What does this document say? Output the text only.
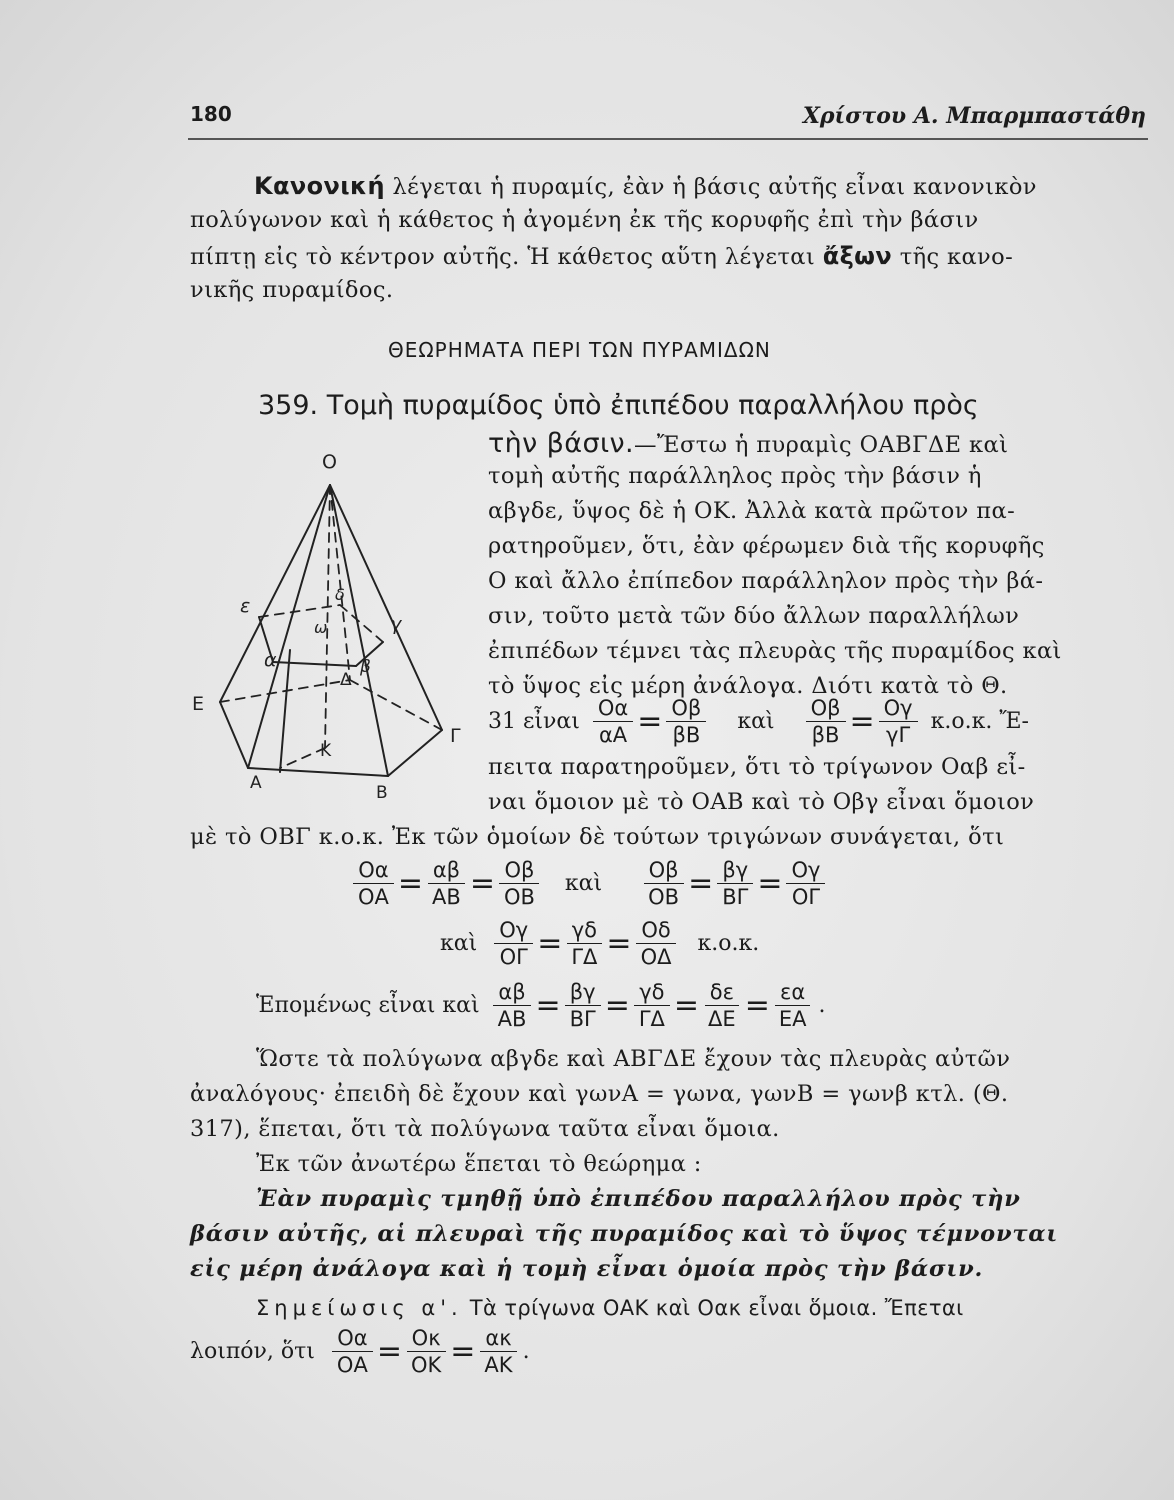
180	Χρίστου Α. Μπαρμπαστάθη
Κανονική λέγεται ἡ πυραμίς, ἐὰν ἡ βάσις αὐτῆς εἶναι κανονικὸν
πολύγωνον καὶ ἡ κάθετος ἡ ἀγομένη ἐκ τῆς κορυφῆς ἐπὶ τὴν βάσιν
πίπτῃ εἰς τὸ κέντρον αὐτῆς. Ἡ κάθετος αὕτη λέγεται ἄξων τῆς κανο-
νικῆς πυραμίδος.
ΘΕΩΡΗΜΑΤΑ ΠΕΡΙ ΤΩΝ ΠΥΡΑΜΙΔΩΝ
359. Τομὴ πυραμίδος ὑπὸ ἐπιπέδου παραλλήλου πρὸς
τὴν βάσιν.—Ἔστω ἡ πυραμὶς ΟΑΒΓΔΕ καὶ
τομὴ αὐτῆς παράλληλος πρὸς τὴν βάσιν ἡ
αβγδε, ὕψος δὲ ἡ ΟΚ. Ἀλλὰ κατὰ πρῶτον πα-
ρατηροῦμεν, ὅτι, ἐὰν φέρωμεν διὰ τῆς κορυφῆς
Ο καὶ ἄλλο ἐπίπεδον παράλληλον πρὸς τὴν βά-
σιν, τοῦτο μετὰ τῶν δύο ἄλλων παραλλήλων
ἐπιπέδων τέμνει τὰς πλευρὰς τῆς πυραμίδος καὶ
τὸ ὕψος εἰς μέρη ἀνάλογα. Διότι κατὰ τὸ Θ.
31 εἶναι $\frac{O\alpha}{\alpha A} = \frac{O\beta}{\beta B}$ καὶ $\frac{O\beta}{\beta B} = \frac{O\gamma}{\gamma\Gamma} \kappa.o.\kappa$. Ἔ-
πειτα παρατηροῦμεν, ὅτι τὸ τρίγωνον Οαβ εἶ-
ναι ὅμοιον μὲ τὸ ΟΑΒ καὶ τὸ Οβγ εἶναι ὅμοιον
μὲ τὸ ΟΒΓ κ.ο.κ. Ἐκ τῶν ὁμοίων δὲ τούτων τριγώνων συνάγεται, ὅτι
$\frac{O\alpha}{OA} = \frac{\alpha\beta}{AB} = \frac{O\beta}{OB}$ καὶ $\frac{O\beta}{OB} = \frac{\beta\gamma}{B\Gamma} = \frac{O\gamma}{O\Gamma}$
καὶ $\frac{O\gamma}{O\Gamma} = \frac{\gamma\delta}{\Gamma\Delta} = \frac{O\delta}{O\Delta} \kappa.o.\kappa$.
Ἑπομένως εἶναι καὶ $\frac{\alpha\beta}{AB} = \frac{\beta\gamma}{B\Gamma} = \frac{\gamma\delta}{\Gamma\Delta} = \frac{\delta\varepsilon}{\Delta E} = \frac{\varepsilon\alpha}{EA}$ .
Ὥστε τὰ πολύγωνα αβγδε καὶ ΑΒΓΔΕ ἔχουν τὰς πλευρὰς αὐτῶν
ἀναλόγους· ἐπειδὴ δὲ ἔχουν καὶ γωνΑ = γωνα, γωνΒ = γωνβ κτλ. (Θ.
317), ἕπεται, ὅτι τὰ πολύγωνα ταῦτα εἶναι ὅμοια.
Ἐκ τῶν ἀνωτέρω ἕπεται τὸ θεώρημα :
Ἐὰν πυραμὶς τμηθῇ ὑπὸ ἐπιπέδου παραλλήλου πρὸς τὴν
βάσιν αὐτῆς, αἱ πλευραὶ τῆς πυραμίδος καὶ τὸ ὕψος τέμνονται
εἰς μέρη ἀνάλογα καὶ ἡ τομὴ εἶναι ὁμοία πρὸς τὴν βάσιν.
Σημείωσις α'. Τὰ τρίγωνα ΟΑΚ καὶ Οακ εἶναι ὅμοια. Ἔπεται
λοιπόν, ὅτι $\frac{O\alpha}{OA} = \frac{O\kappa}{OK} = \frac{\alpha\kappa}{AK}$ .
Ο
ε
ω
δ
γ
α	β
Δ
Ε
Γ
Κ
Α	Β
